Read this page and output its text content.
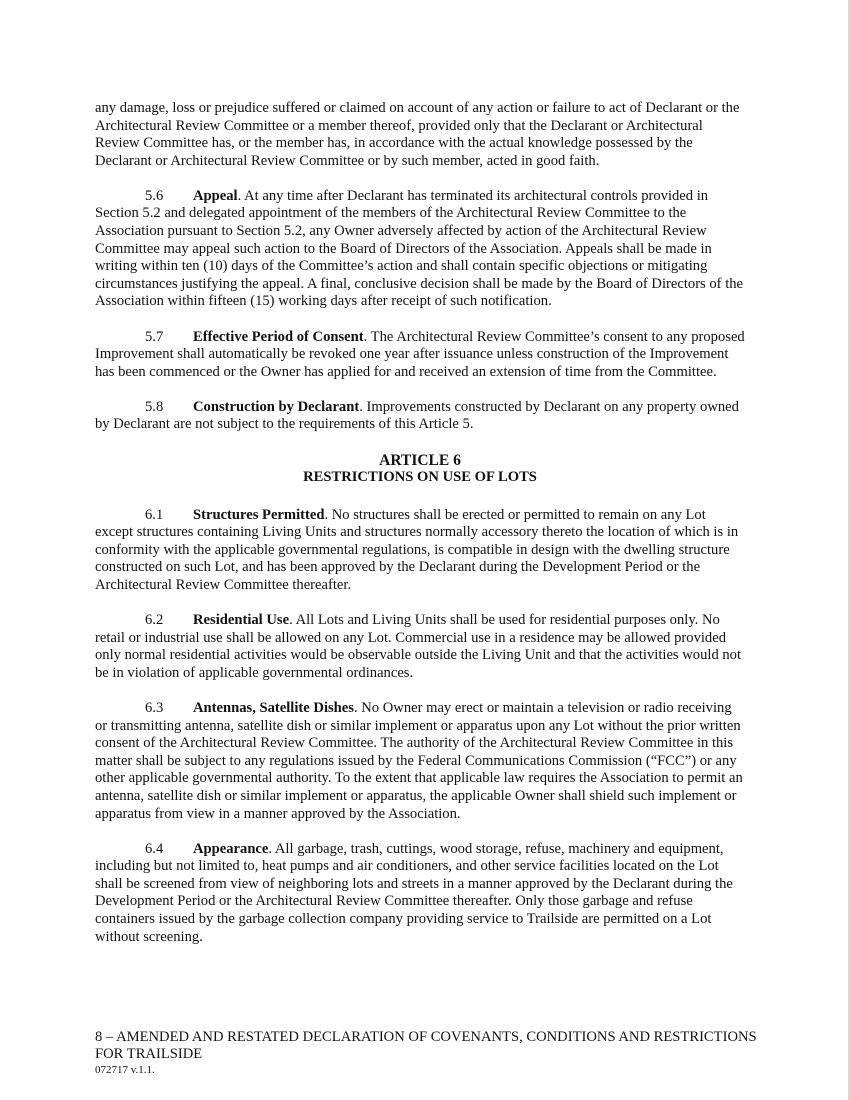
any damage, loss or prejudice suffered or claimed on account of any action or failure to act of Declarant or the Architectural Review Committee or a member thereof, provided only that the Declarant or Architectural Review Committee has, or the member has, in accordance with the actual knowledge possessed by the Declarant or Architectural Review Committee or by such member, acted in good faith.

5.6 Appeal. At any time after Declarant has terminated its architectural controls provided in Section 5.2 and delegated appointment of the members of the Architectural Review Committee to the Association pursuant to Section 5.2, any Owner adversely affected by action of the Architectural Review Committee may appeal such action to the Board of Directors of the Association. Appeals shall be made in writing within ten (10) days of the Committee’s action and shall contain specific objections or mitigating circumstances justifying the appeal. A final, conclusive decision shall be made by the Board of Directors of the Association within fifteen (15) working days after receipt of such notification.

5.7 Effective Period of Consent. The Architectural Review Committee’s consent to any proposed Improvement shall automatically be revoked one year after issuance unless construction of the Improvement has been commenced or the Owner has applied for and received an extension of time from the Committee.

5.8 Construction by Declarant. Improvements constructed by Declarant on any property owned by Declarant are not subject to the requirements of this Article 5.

ARTICLE 6
RESTRICTIONS ON USE OF LOTS

6.1 Structures Permitted. No structures shall be erected or permitted to remain on any Lot except structures containing Living Units and structures normally accessory thereto the location of which is in conformity with the applicable governmental regulations, is compatible in design with the dwelling structure constructed on such Lot, and has been approved by the Declarant during the Development Period or the Architectural Review Committee thereafter.

6.2 Residential Use. All Lots and Living Units shall be used for residential purposes only. No retail or industrial use shall be allowed on any Lot. Commercial use in a residence may be allowed provided only normal residential activities would be observable outside the Living Unit and that the activities would not be in violation of applicable governmental ordinances.

6.3 Antennas, Satellite Dishes. No Owner may erect or maintain a television or radio receiving or transmitting antenna, satellite dish or similar implement or apparatus upon any Lot without the prior written consent of the Architectural Review Committee. The authority of the Architectural Review Committee in this matter shall be subject to any regulations issued by the Federal Communications Commission (“FCC”) or any other applicable governmental authority. To the extent that applicable law requires the Association to permit an antenna, satellite dish or similar implement or apparatus, the applicable Owner shall shield such implement or apparatus from view in a manner approved by the Association.

6.4 Appearance. All garbage, trash, cuttings, wood storage, refuse, machinery and equipment, including but not limited to, heat pumps and air conditioners, and other service facilities located on the Lot shall be screened from view of neighboring lots and streets in a manner approved by the Declarant during the Development Period or the Architectural Review Committee thereafter. Only those garbage and refuse containers issued by the garbage collection company providing service to Trailside are permitted on a Lot without screening.

8 – AMENDED AND RESTATED DECLARATION OF COVENANTS, CONDITIONS AND RESTRICTIONS
FOR TRAILSIDE
072717 v.1.1.
